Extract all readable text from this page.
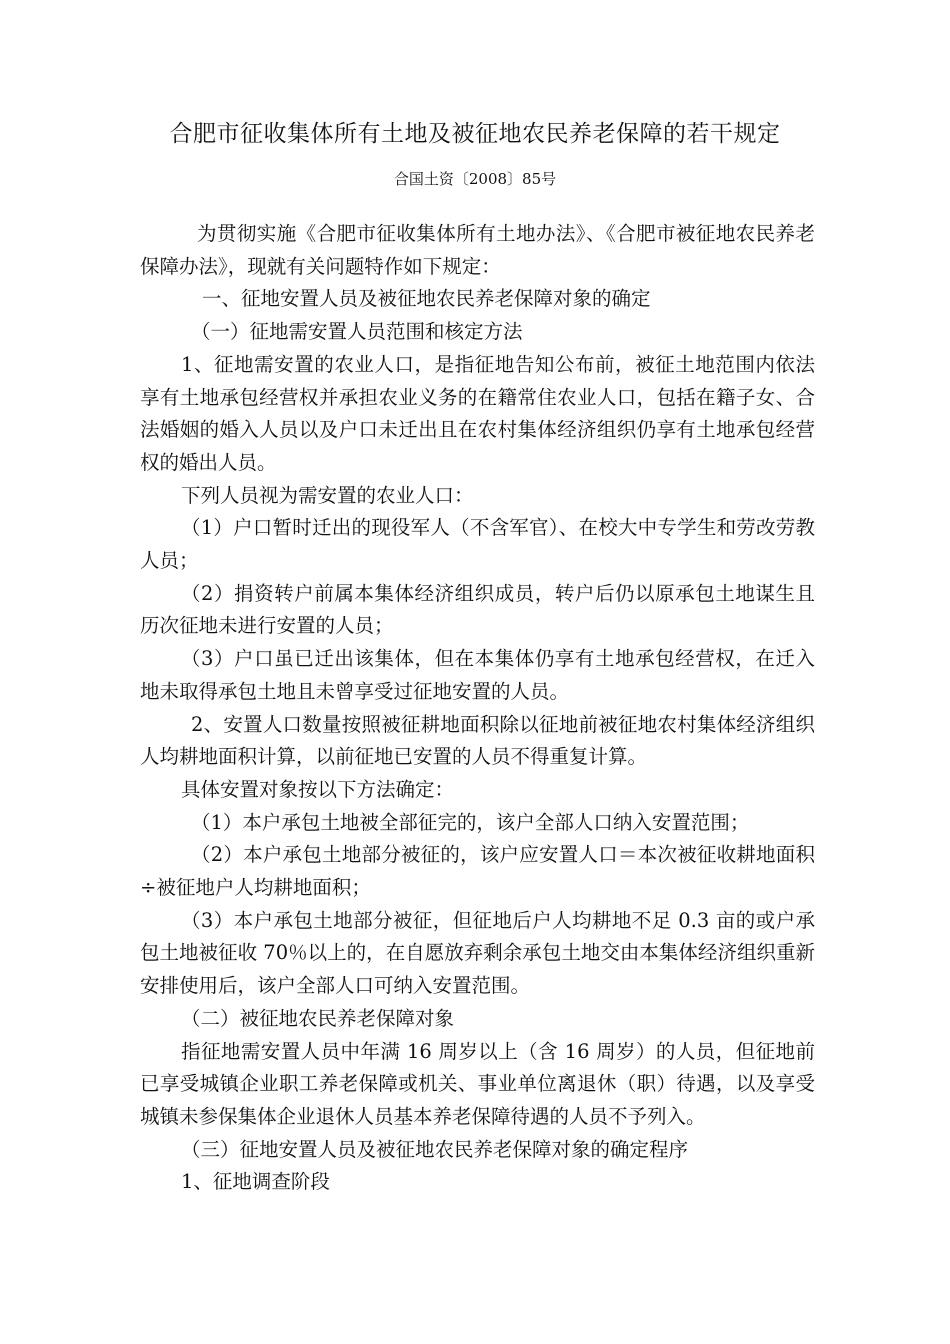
合肥市征收集体所有土地及被征地农民养老保障的若干规定
合国土资〔2008〕85号

为贯彻实施《合肥市征收集体所有土地办法》、《合肥市被征地农民养老保障办法》，现就有关问题特作如下规定：

一、征地安置人员及被征地农民养老保障对象的确定

（一）征地需安置人员范围和核定方法

1、征地需安置的农业人口，是指征地告知公布前，被征土地范围内依法享有土地承包经营权并承担农业义务的在籍常住农业人口，包括在籍子女、合法婚姻的婚入人员以及户口未迁出且在农村集体经济组织仍享有土地承包经营权的婚出人员。

下列人员视为需安置的农业人口：

（1）户口暂时迁出的现役军人（不含军官）、在校大中专学生和劳改劳教人员；

（2）捐资转户前属本集体经济组织成员，转户后仍以原承包土地谋生且历次征地未进行安置的人员；

（3）户口虽已迁出该集体，但在本集体仍享有土地承包经营权，在迁入地未取得承包土地且未曾享受过征地安置的人员。

2、安置人口数量按照被征耕地面积除以征地前被征地农村集体经济组织人均耕地面积计算，以前征地已安置的人员不得重复计算。

具体安置对象按以下方法确定：

（1）本户承包土地被全部征完的，该户全部人口纳入安置范围；

（2）本户承包土地部分被征的，该户应安置人口＝本次被征收耕地面积÷被征地户人均耕地面积；

（3）本户承包土地部分被征，但征地后户人均耕地不足 0.3 亩的或户承包土地被征收 70％以上的，在自愿放弃剩余承包土地交由本集体经济组织重新安排使用后，该户全部人口可纳入安置范围。

（二）被征地农民养老保障对象

指征地需安置人员中年满 16 周岁以上（含 16 周岁）的人员，但征地前已享受城镇企业职工养老保障或机关、事业单位离退休（职）待遇，以及享受城镇未参保集体企业退休人员基本养老保障待遇的人员不予列入。

（三）征地安置人员及被征地农民养老保障对象的确定程序

1、征地调查阶段
